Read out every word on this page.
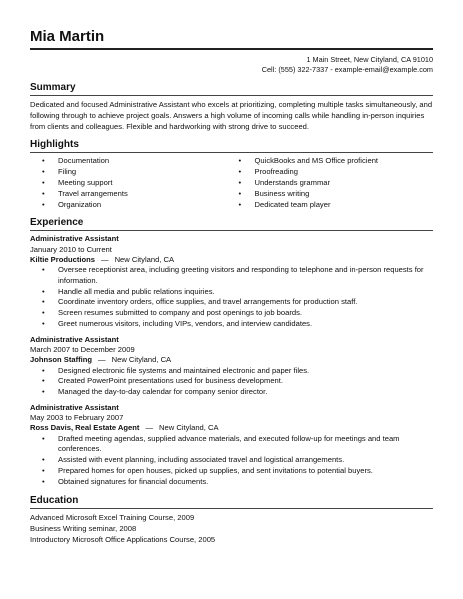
Mia Martin
1 Main Street, New Cityland, CA 91010
Cell: (555) 322-7337 - example-email@example.com
Summary
Dedicated and focused Administrative Assistant who excels at prioritizing, completing multiple tasks simultaneously, and following through to achieve project goals. Answers a high volume of incoming calls while handling in-person inquiries from clients and colleagues. Flexible and hardworking with strong drive to succeed.
Highlights
• Documentation
• Filing
• Meeting support
• Travel arrangements
• Organization
• QuickBooks and MS Office proficient
• Proofreading
• Understands grammar
• Business writing
• Dedicated team player
Experience
Administrative Assistant
January 2010 to Current
Kiltie Productions — New Cityland, CA
• Oversee receptionist area, including greeting visitors and responding to telephone and in-person requests for information.
• Handle all media and public relations inquiries.
• Coordinate inventory orders, office supplies, and travel arrangements for production staff.
• Screen resumes submitted to company and post openings to job boards.
• Greet numerous visitors, including VIPs, vendors, and interview candidates.
Administrative Assistant
March 2007 to December 2009
Johnson Staffing — New Cityland, CA
• Designed electronic file systems and maintained electronic and paper files.
• Created PowerPoint presentations used for business development.
• Managed the day-to-day calendar for company senior director.
Administrative Assistant
May 2003 to February 2007
Ross Davis, Real Estate Agent — New Cityland, CA
• Drafted meeting agendas, supplied advance materials, and executed follow-up for meetings and team conferences.
• Assisted with event planning, including associated travel and logistical arrangements.
• Prepared homes for open houses, picked up supplies, and sent invitations to potential buyers.
• Obtained signatures for financial documents.
Education
Advanced Microsoft Excel Training Course, 2009
Business Writing seminar, 2008
Introductory Microsoft Office Applications Course, 2005
